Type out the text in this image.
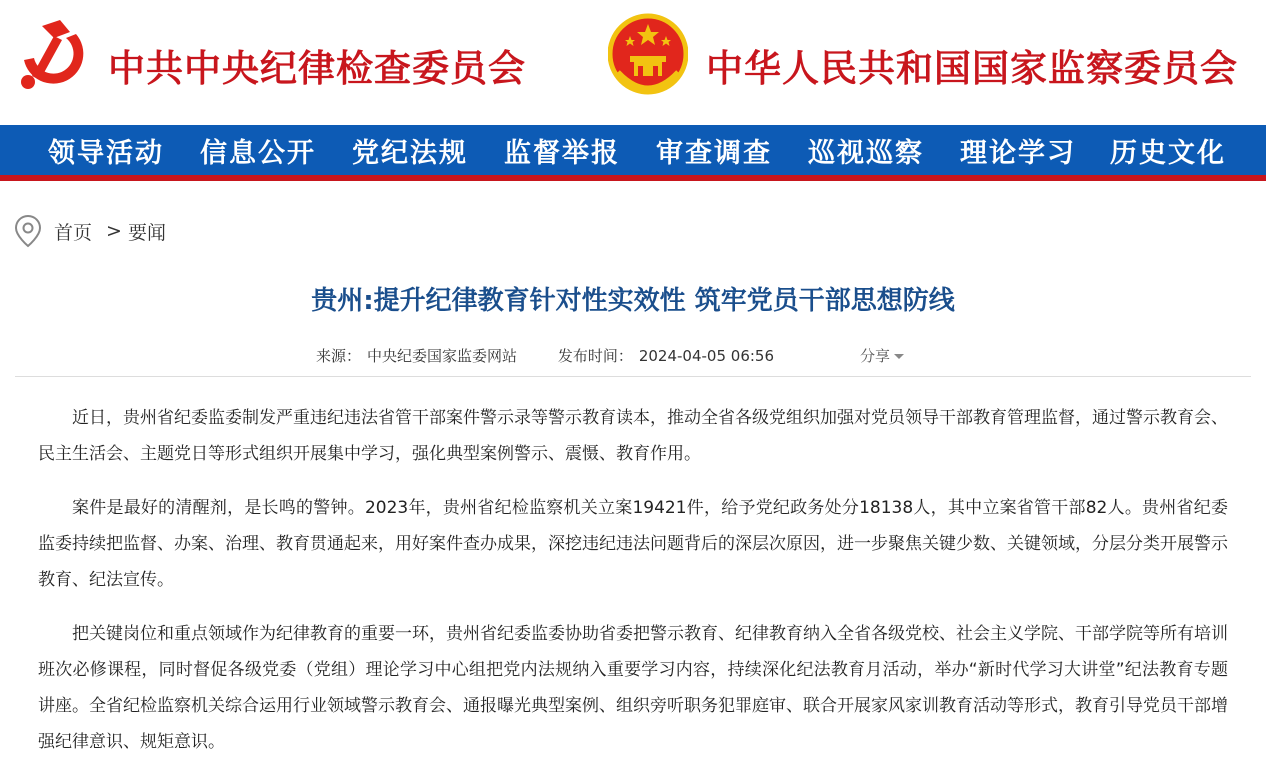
中共中央纪律检查委员会	中华人民共和国国家监察委员会
领导活动 信息公开 党纪法规 监督举报 审查调查 巡视巡察 理论学习 历史文化
首页 > 要闻
贵州:提升纪律教育针对性实效性 筑牢党员干部思想防线
来源： 中央纪委国家监委网站	发布时间： 2024-04-05 06:56	分享

近日，贵州省纪委监委制发严重违纪违法省管干部案件警示录等警示教育读本，推动全省各级党组织加强对党员领导干部教育管理监督，通过警示教育会、民主生活会、主题党日等形式组织开展集中学习，强化典型案例警示、震慑、教育作用。

案件是最好的清醒剂，是长鸣的警钟。2023年，贵州省纪检监察机关立案19421件，给予党纪政务处分18138人，其中立案省管干部82人。贵州省纪委监委持续把监督、办案、治理、教育贯通起来，用好案件查办成果，深挖违纪违法问题背后的深层次原因，进一步聚焦关键少数、关键领域，分层分类开展警示教育、纪法宣传。

把关键岗位和重点领域作为纪律教育的重要一环，贵州省纪委监委协助省委把警示教育、纪律教育纳入全省各级党校、社会主义学院、干部学院等所有培训班次必修课程，同时督促各级党委（党组）理论学习中心组把党内法规纳入重要学习内容，持续深化纪法教育月活动，举办“新时代学习大讲堂”纪法教育专题讲座。全省纪检监察机关综合运用行业领域警示教育会、通报曝光典型案例、组织旁听职务犯罪庭审、联合开展家风家训教育活动等形式，教育引导党员干部增强纪律意识、规矩意识。
